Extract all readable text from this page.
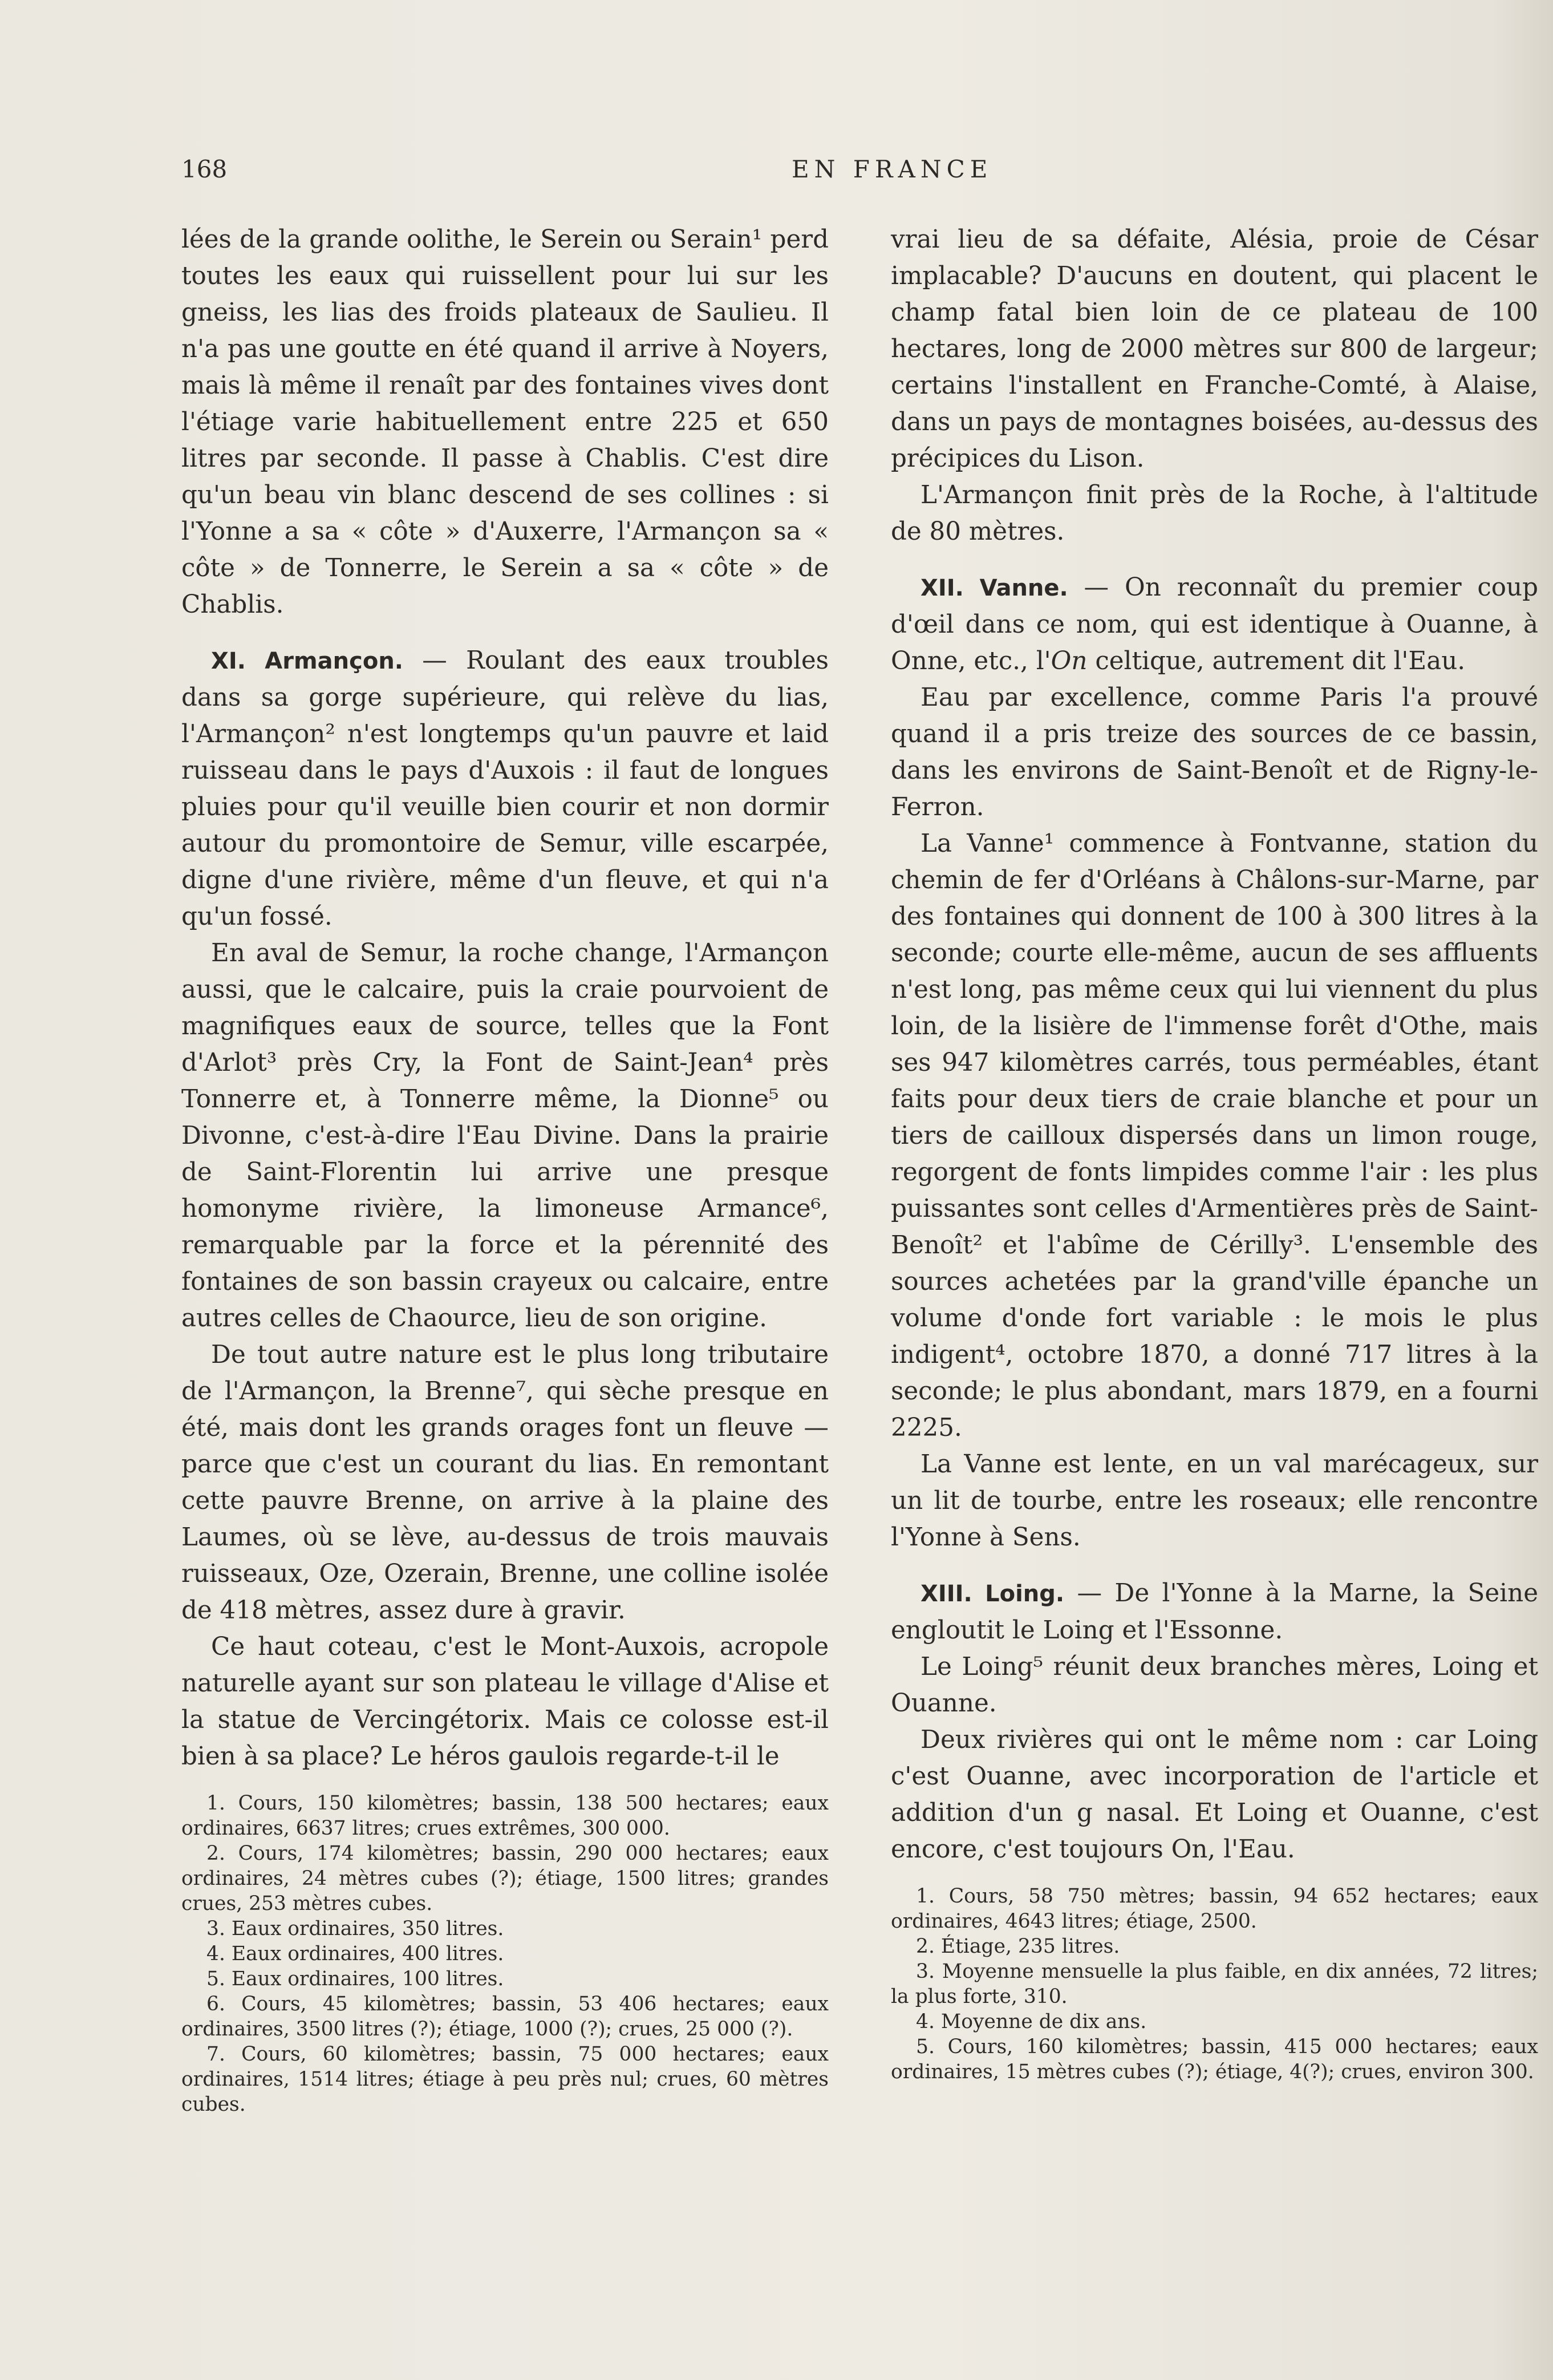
168	EN FRANCE

lées de la grande oolithe, le Serein ou Serain¹ perd toutes les eaux qui ruissellent pour lui sur les gneiss, les lias des froids plateaux de Saulieu. Il n'a pas une goutte en été quand il arrive à Noyers, mais là même il renaît par des fontaines vives dont l'étiage varie habituellement entre 225 et 650 litres par seconde. Il passe à Chablis. C'est dire qu'un beau vin blanc descend de ses collines : si l'Yonne a sa « côte » d'Auxerre, l'Armançon sa « côte » de Tonnerre, le Serein a sa « côte » de Chablis.

XI. Armançon. — Roulant des eaux troubles dans sa gorge supérieure, qui relève du lias, l'Armançon² n'est longtemps qu'un pauvre et laid ruisseau dans le pays d'Auxois : il faut de longues pluies pour qu'il veuille bien courir et non dormir autour du promontoire de Semur, ville escarpée, digne d'une rivière, même d'un fleuve, et qui n'a qu'un fossé.

En aval de Semur, la roche change, l'Armançon aussi, que le calcaire, puis la craie pourvoient de magnifiques eaux de source, telles que la Font d'Arlot³ près Cry, la Font de Saint-Jean⁴ près Tonnerre et, à Tonnerre même, la Dionne⁵ ou Divonne, c'est-à-dire l'Eau Divine. Dans la prairie de Saint-Florentin lui arrive une presque homonyme rivière, la limoneuse Armance⁶, remarquable par la force et la pérennité des fontaines de son bassin crayeux ou calcaire, entre autres celles de Chaource, lieu de son origine.

De tout autre nature est le plus long tributaire de l'Armançon, la Brenne⁷, qui sèche presque en été, mais dont les grands orages font un fleuve — parce que c'est un courant du lias. En remontant cette pauvre Brenne, on arrive à la plaine des Laumes, où se lève, au-dessus de trois mauvais ruisseaux, Oze, Ozerain, Brenne, une colline isolée de 418 mètres, assez dure à gravir.

Ce haut coteau, c'est le Mont-Auxois, acropole naturelle ayant sur son plateau le village d'Alise et la statue de Vercingétorix. Mais ce colosse est-il bien à sa place? Le héros gaulois regarde-t-il le

1. Cours, 150 kilomètres; bassin, 138 500 hectares; eaux ordinaires, 6637 litres; crues extrêmes, 300 000.

2. Cours, 174 kilomètres; bassin, 290 000 hectares; eaux ordinaires, 24 mètres cubes (?); étiage, 1500 litres; grandes crues, 253 mètres cubes.

3. Eaux ordinaires, 350 litres.

4. Eaux ordinaires, 400 litres.

5. Eaux ordinaires, 100 litres.

6. Cours, 45 kilomètres; bassin, 53 406 hectares; eaux ordinaires, 3500 litres (?); étiage, 1000 (?); crues, 25 000 (?).

7. Cours, 60 kilomètres; bassin, 75 000 hectares; eaux ordinaires, 1514 litres; étiage à peu près nul; crues, 60 mètres cubes.

vrai lieu de sa défaite, Alésia, proie de César implacable? D'aucuns en doutent, qui placent le champ fatal bien loin de ce plateau de 100 hectares, long de 2000 mètres sur 800 de largeur; certains l'installent en Franche-Comté, à Alaise, dans un pays de montagnes boisées, au-dessus des précipices du Lison.

L'Armançon finit près de la Roche, à l'altitude de 80 mètres.

XII. Vanne. — On reconnaît du premier coup d'œil dans ce nom, qui est identique à Ouanne, à Onne, etc., l'On celtique, autrement dit l'Eau.

Eau par excellence, comme Paris l'a prouvé quand il a pris treize des sources de ce bassin, dans les environs de Saint-Benoît et de Rigny-le-Ferron.

La Vanne¹ commence à Fontvanne, station du chemin de fer d'Orléans à Châlons-sur-Marne, par des fontaines qui donnent de 100 à 300 litres à la seconde; courte elle-même, aucun de ses affluents n'est long, pas même ceux qui lui viennent du plus loin, de la lisière de l'immense forêt d'Othe, mais ses 947 kilomètres carrés, tous perméables, étant faits pour deux tiers de craie blanche et pour un tiers de cailloux dispersés dans un limon rouge, regorgent de fonts limpides comme l'air : les plus puissantes sont celles d'Armentières près de Saint-Benoît² et l'abîme de Cérilly³. L'ensemble des sources achetées par la grand'ville épanche un volume d'onde fort variable : le mois le plus indigent⁴, octobre 1870, a donné 717 litres à la seconde; le plus abondant, mars 1879, en a fourni 2225.

La Vanne est lente, en un val marécageux, sur un lit de tourbe, entre les roseaux; elle rencontre l'Yonne à Sens.

XIII. Loing. — De l'Yonne à la Marne, la Seine engloutit le Loing et l'Essonne.

Le Loing⁵ réunit deux branches mères, Loing et Ouanne.

Deux rivières qui ont le même nom : car Loing c'est Ouanne, avec incorporation de l'article et addition d'un g nasal. Et Loing et Ouanne, c'est encore, c'est toujours On, l'Eau.

1. Cours, 58 750 mètres; bassin, 94 652 hectares; eaux ordinaires, 4643 litres; étiage, 2500.

2. Étiage, 235 litres.

3. Moyenne mensuelle la plus faible, en dix années, 72 litres; la plus forte, 310.

4. Moyenne de dix ans.

5. Cours, 160 kilomètres; bassin, 415 000 hectares; eaux ordinaires, 15 mètres cubes (?); étiage, 4(?); crues, environ 300.
